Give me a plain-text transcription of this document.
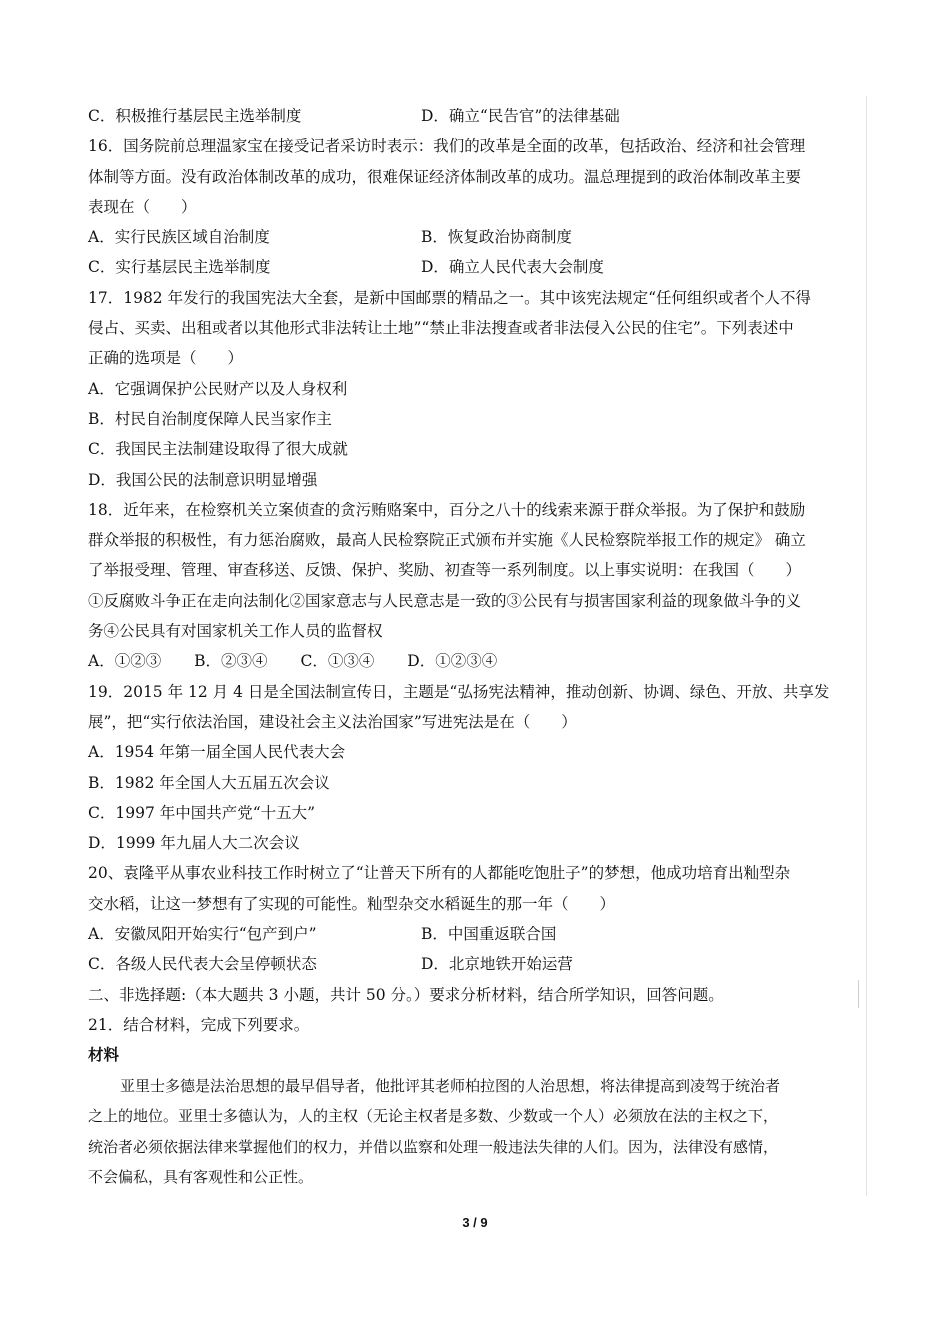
C．积极推行基层民主选举制度	D．确立“民告官”的法律基础
16．国务院前总理温家宝在接受记者采访时表示：我们的改革是全面的改革，包括政治、经济和社会管理
体制等方面。没有政治体制改革的成功，很难保证经济体制改革的成功。温总理提到的政治体制改革主要
表现在（　　）
A．实行民族区域自治制度	B．恢复政治协商制度
C．实行基层民主选举制度	D．确立人民代表大会制度
17．1982 年发行的我国宪法大全套，是新中国邮票的精品之一。其中该宪法规定“任何组织或者个人不得
侵占、买卖、出租或者以其他形式非法转让土地”“禁止非法搜查或者非法侵入公民的住宅”。下列表述中
正确的选项是（　　）
A．它强调保护公民财产以及人身权利
B．村民自治制度保障人民当家作主
C．我国民主法制建设取得了很大成就
D．我国公民的法制意识明显增强
18．近年来，在检察机关立案侦查的贪污贿赂案中，百分之八十的线索来源于群众举报。为了保护和鼓励
群众举报的积极性，有力惩治腐败，最高人民检察院正式颁布并实施《人民检察院举报工作的规定》 确立
了举报受理、管理、审查移送、反馈、保护、奖励、初查等一系列制度。以上事实说明：在我国（　　）
①反腐败斗争正在走向法制化②国家意志与人民意志是一致的③公民有与损害国家利益的现象做斗争的义
务④公民具有对国家机关工作人员的监督权
A．①②③ B．②③④ C．①③④ D．①②③④
19．2015 年 12 月 4 日是全国法制宣传日，主题是“弘扬宪法精神，推动创新、协调、绿色、开放、共享发
展”，把“实行依法治国，建设社会主义法治国家”写进宪法是在（　　）
A．1954 年第一届全国人民代表大会
B．1982 年全国人大五届五次会议
C．1997 年中国共产党“十五大”
D．1999 年九届人大二次会议
20、袁隆平从事农业科技工作时树立了“让普天下所有的人都能吃饱肚子”的梦想，他成功培育出籼型杂
交水稻，让这一梦想有了实现的可能性。籼型杂交水稻诞生的那一年（　　）
A．安徽凤阳开始实行“包产到户”	B．中国重返联合国
C．各级人民代表大会呈停顿状态	D．北京地铁开始运营
二、非选择题:（本大题共 3 小题，共计 50 分。）要求分析材料，结合所学知识，回答问题。
21．结合材料，完成下列要求。
材料
亚里士多德是法治思想的最早倡导者，他批评其老师柏拉图的人治思想，将法律提高到凌驾于统治者
之上的地位。亚里士多德认为，人的主权（无论主权者是多数、少数或一个人）必须放在法的主权之下，
统治者必须依据法律来掌握他们的权力，并借以监察和处理一般违法失律的人们。因为，法律没有感情，
不会偏私，具有客观性和公正性。
3 / 9
